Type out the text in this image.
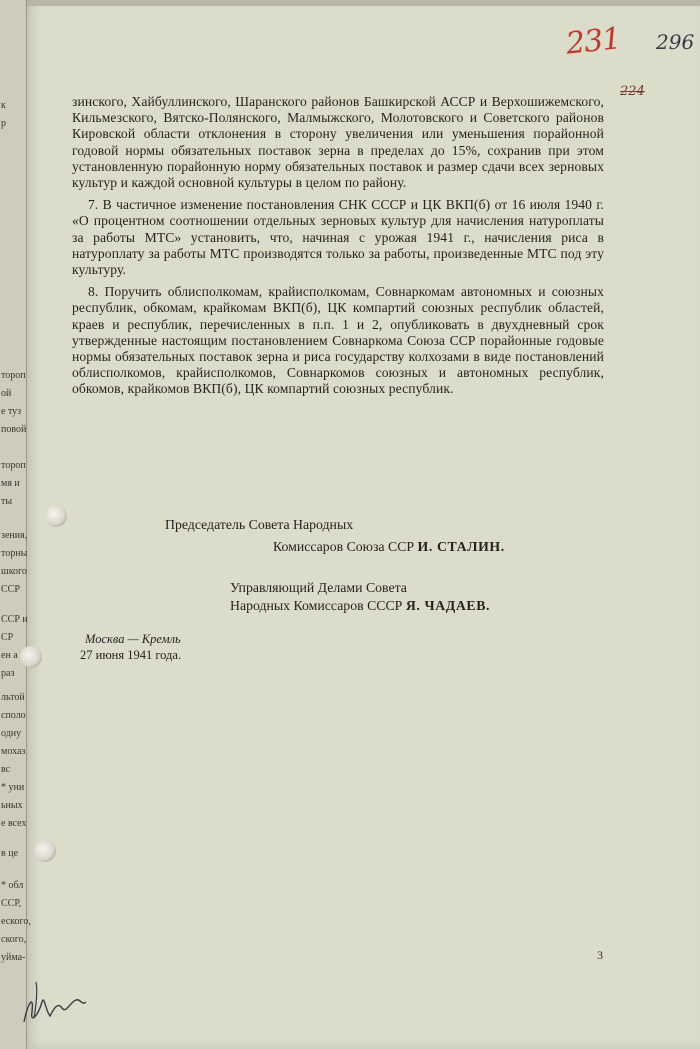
к
р
тороп
ой
е туз
повой
тороп
мя и
ты
зения,
торны
шкого
ССР
ССР и
СР
ен а
раз
льтой
споло
одну
мохаз
вс
* уни
ьных
е всех
в це
* обл
ССР,
еского,
ского,
уйма-
231 296
224

зинского, Хайбуллинского, Шаранского районов Башкирской АССР и Верхошижемского, Кильмезского, Вятско-Полянского, Малмыжского, Молотовского и Советского районов Кировской области отклонения в сторону увеличения или уменьшения порайонной годовой нормы обязательных поставок зерна в пределах до 15%, сохранив при этом установленную порайонную норму обязательных поставок и размер сдачи всех зерновых культур и каждой основной культуры в целом по району.

7. В частичное изменение постановления СНК СССР и ЦК ВКП(б) от 16 июля 1940 г. «О процентном соотношении отдельных зерновых культур для начисления натуроплаты за работы МТС» установить, что, начиная с урожая 1941 г., начисления риса в натуроплату за работы МТС производятся только за работы, произведенные МТС под эту культуру.

8. Поручить облисполкомам, крайисполкомам, Совнаркомам автономных и союзных республик, обкомам, крайкомам ВКП(б), ЦК компартий союзных республик областей, краев и республик, перечисленных в п.п. 1 и 2, опубликовать в двухдневный срок утвержденные настоящим постановлением Совнаркома Союза ССР порайонные годовые нормы обязательных поставок зерна и риса государству колхозами в виде постановлений облисполкомов, крайисполкомов, Совнаркомов союзных и автономных республик, обкомов, крайкомов ВКП(б), ЦК компартий союзных республик.

Председатель Совета Народных
Комиссаров Союза ССР И. СТАЛИН.
Управляющий Делами Совета
Народных Комиссаров СССР Я. ЧАДАЕВ.
Москва — Кремль
27 июня 1941 года.
3
